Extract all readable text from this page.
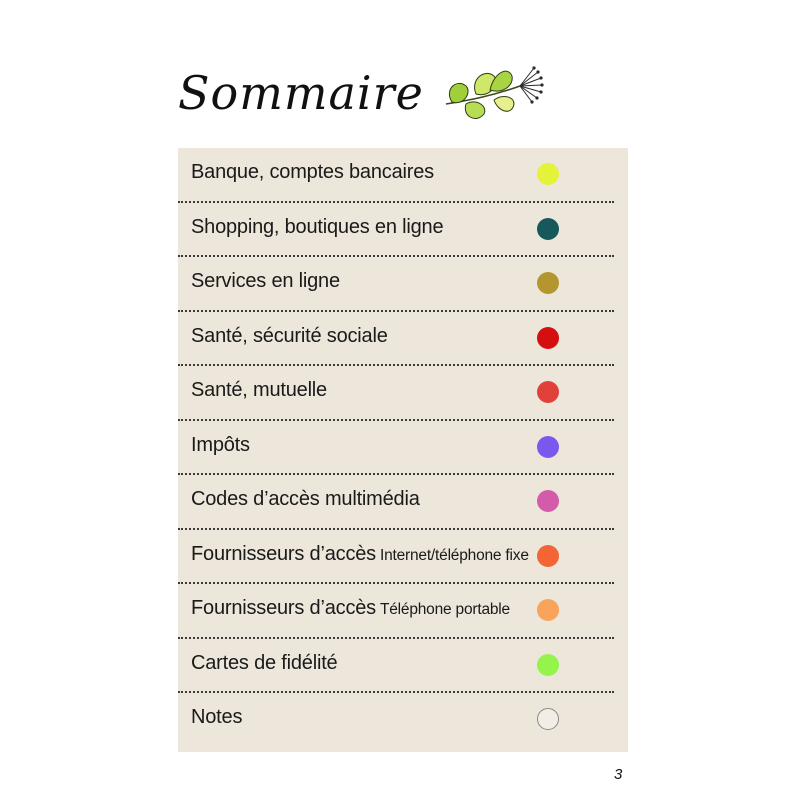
Sommaire
Banque, comptes bancaires
Shopping, boutiques en ligne
Services en ligne
Santé, sécurité sociale
Santé, mutuelle
Impôts
Codes d’accès multimédia
Fournisseurs d’accès Internet/téléphone fixe
Fournisseurs d’accès Téléphone portable
Cartes de fidélité
Notes
3
